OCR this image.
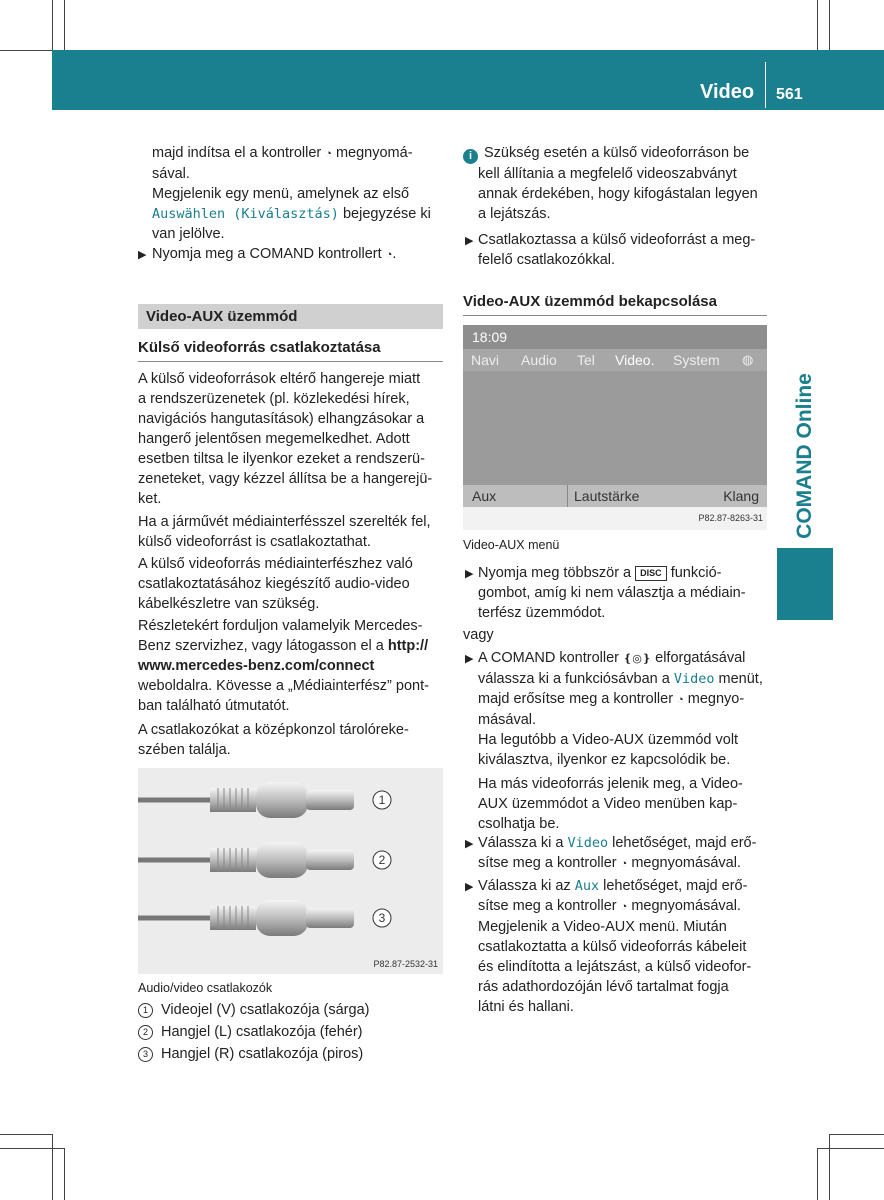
Video 561
COMAND Online
majd indítsa el a kontroller ◔ megnyomá-
sával.
Megjelenik egy menü, amelynek az első
Auswählen (Kiválasztás) bejegyzése ki
van jelölve.
▶ Nyomja meg a COMAND kontrollert ◔.
Video-AUX üzemmód
Külső videoforrás csatlakoztatása
A külső videoforrások eltérő hangereje miatt
a rendszerüzenetek (pl. közlekedési hírek,
navigációs hangutasítások) elhangzásokar a
hangerő jelentősen megemelkedhet. Adott
esetben tiltsa le ilyenkor ezeket a rendszerü-
zeneteket, vagy kézzel állítsa be a hangerejü-
ket.
Ha a járművét médiainterfésszel szerelték fel,
külső videoforrást is csatlakoztathat.
A külső videoforrás médiainterfészhez való
csatlakoztatásához kiegészítő audio-video
kábelkészletre van szükség.
Részletekért forduljon valamelyik Mercedes-
Benz szervizhez, vagy látogasson el a http://
www.mercedes-benz.com/connect
weboldalra. Kövesse a „Médiainterfész” pont-
ban található útmutatót.
A csatlakozókat a középkonzol tárolóreke-
szében találja.
1
2
3
P82.87-2532-31
Audio/video csatlakozók
1 Videojel (V) csatlakozója (sárga)
2 Hangjel (L) csatlakozója (fehér)
3 Hangjel (R) csatlakozója (piros)
i Szükség esetén a külső videoforráson be
kell állítania a megfelelő videoszabványt
annak érdekében, hogy kifogástalan legyen
a lejátszás.
▶ Csatlakoztassa a külső videoforrást a meg-
felelő csatlakozókkal.
Video-AUX üzemmód bekapcsolása
18:09
Navi Audio Tel Video. System ◍
Aux	Lautstärke	Klang
P82.87-8263-31
Video-AUX menü
▶ Nyomja meg többször a DISC funkció-
gombot, amíg ki nem választja a médiain-
terfész üzemmódot.
vagy
▶ A COMAND kontroller ❴◎❵ elforgatásával
válassza ki a funkciósávban a Video menüt,
majd erősítse meg a kontroller ◔ megnyo-
másával.
Ha legutóbb a Video-AUX üzemmód volt
kiválasztva, ilyenkor ez kapcsolódik be.
Ha más videoforrás jelenik meg, a Video-
AUX üzemmódot a Video menüben kap-
csolhatja be.
▶ Válassza ki a Video lehetőséget, majd erő-
sítse meg a kontroller ◔ megnyomásával.
▶ Válassza ki az Aux lehetőséget, majd erő-
sítse meg a kontroller ◔ megnyomásával.
Megjelenik a Video-AUX menü. Miután
csatlakoztatta a külső videoforrás kábeleit
és elindította a lejátszást, a külső videofor-
rás adathordozóján lévő tartalmat fogja
látni és hallani.
